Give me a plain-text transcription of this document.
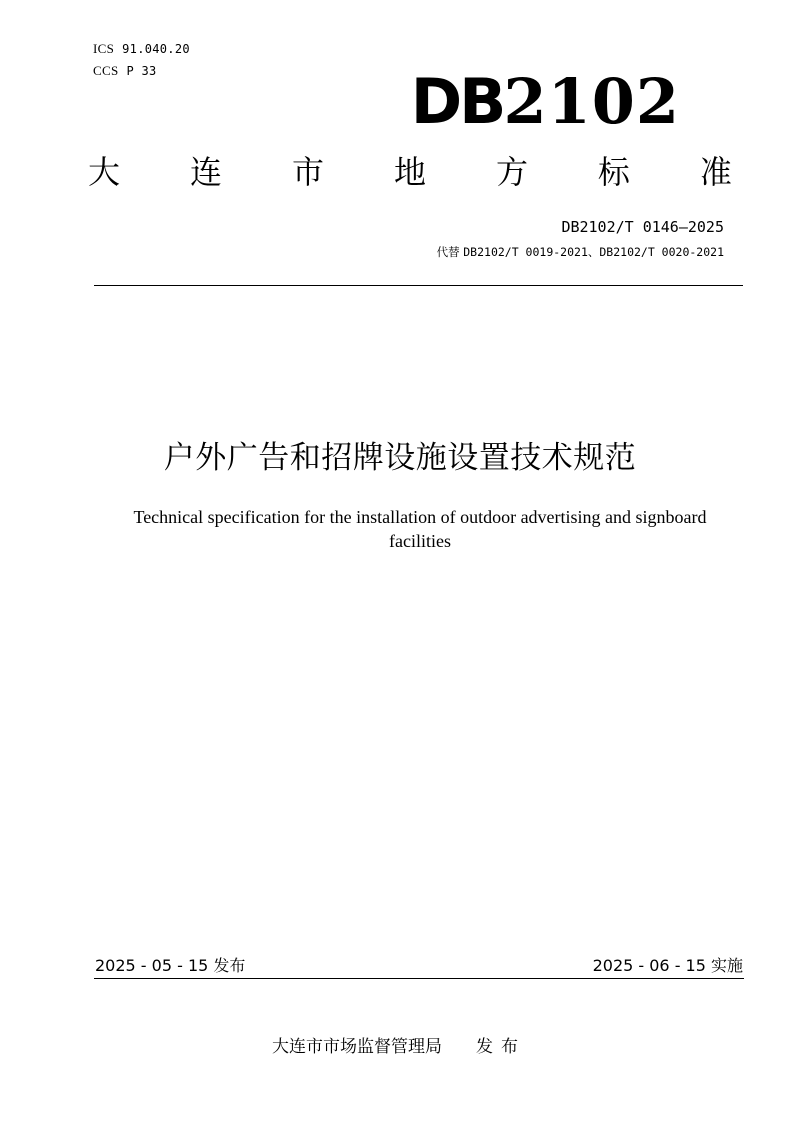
ICS 91.040.20
CCS P 33	DB2102
大 连 市 地 方 标 准
DB2102/T 0146—2025
代替 DB2102/T 0019-2021、DB2102/T 0020-2021
户外广告和招牌设施设置技术规范
Technical specification for the installation of outdoor advertising and signboard facilities
2025 - 05 - 15 发布	2025 - 06 - 15 实施
大连市市场监督管理局 发布
